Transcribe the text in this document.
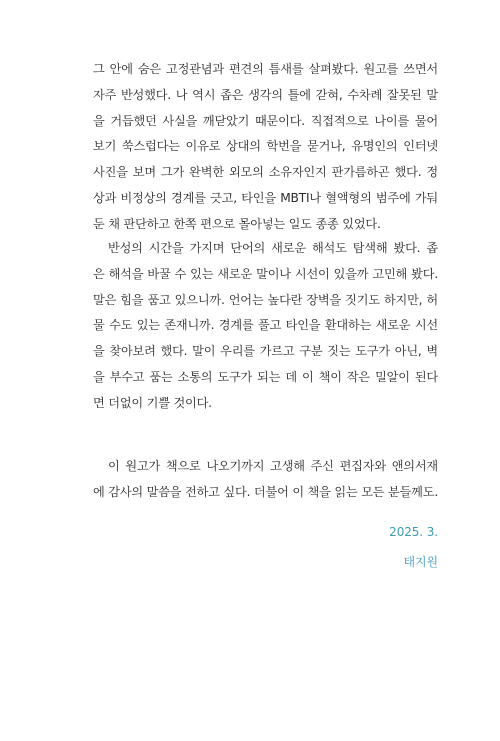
그 안에 숨은 고정관념과 편견의 틈새를 살펴봤다. 원고를 쓰면서
자주 반성했다. 나 역시 좁은 생각의 틀에 갇혀, 수차례 잘못된 말
을 거듭했던 사실을 깨닫았기 때문이다. 직접적으로 나이를 물어
보기 쑥스럽다는 이유로 상대의 학번을 묻거나, 유명인의 인터넷
사진을 보며 그가 완벽한 외모의 소유자인지 판가름하곤 했다. 정
상과 비정상의 경계를 긋고, 타인을 MBTI나 혈액형의 범주에 가둬
둔 채 판단하고 한쪽 편으로 몰아넣는 일도 종종 있었다.
반성의 시간을 가지며 단어의 새로운 해석도 탐색해 봤다. 좁
은 해석을 바꿀 수 있는 새로운 말이나 시선이 있을까 고민해 봤다.
말은 힘을 품고 있으니까. 언어는 높다란 장벽을 짓기도 하지만, 허
물 수도 있는 존재니까. 경계를 풀고 타인을 환대하는 새로운 시선
을 찾아보려 했다. 말이 우리를 가르고 구분 짓는 도구가 아닌, 벽
을 부수고 품는 소통의 도구가 되는 데 이 책이 작은 밀알이 된다
면 더없이 기쁠 것이다.
이 원고가 책으로 나오기까지 고생해 주신 편집자와 앤의서재
에 감사의 말씀을 전하고 싶다. 더불어 이 책을 읽는 모든 분들께도.
2025. 3.
태지원
